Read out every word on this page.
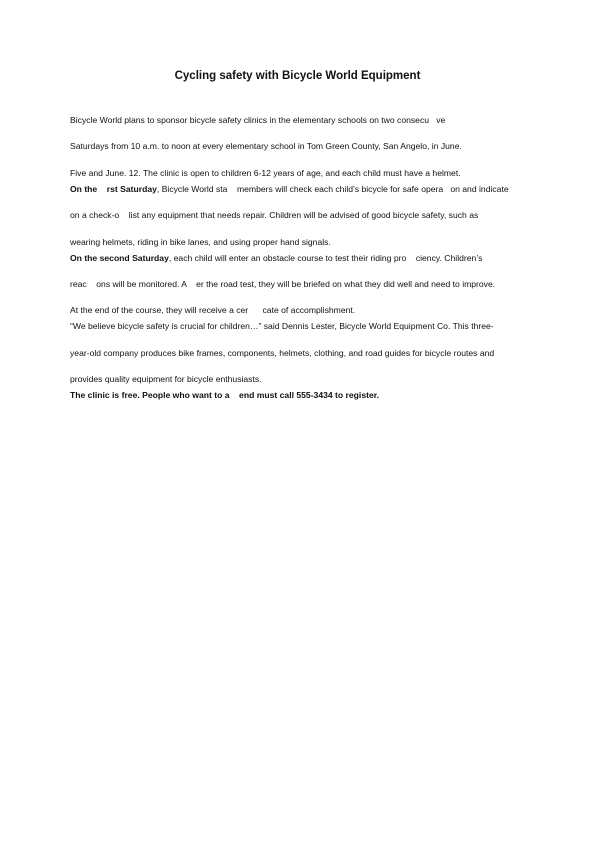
Cycling safety with Bicycle World Equipment
Bicycle World plans to sponsor bicycle safety clinics in the elementary schools on two consecu   ve
Saturdays from 10 a.m. to noon at every elementary school in Tom Green County, San Angelo, in June.
Five and June. 12. The clinic is open to children 6-12 years of age, and each child must have a helmet.
On the    rst Saturday, Bicycle World sta    members will check each child’s bicycle for safe opera   on and indicate
on a check-o    list any equipment that needs repair. Children will be advised of good bicycle safety, such as
wearing helmets, riding in bike lanes, and using proper hand signals.
On the second Saturday, each child will enter an obstacle course to test their riding pro    ciency. Children’s
reac    ons will be monitored. A    er the road test, they will be briefed on what they did well and need to improve.
At the end of the course, they will receive a cer      cate of accomplishment.
“We believe bicycle safety is crucial for children…” said Dennis Lester, Bicycle World Equipment Co. This three-
year-old company produces bike frames, components, helmets, clothing, and road guides for bicycle routes and
provides quality equipment for bicycle enthusiasts.
The clinic is free. People who want to a    end must call 555-3434 to register.
